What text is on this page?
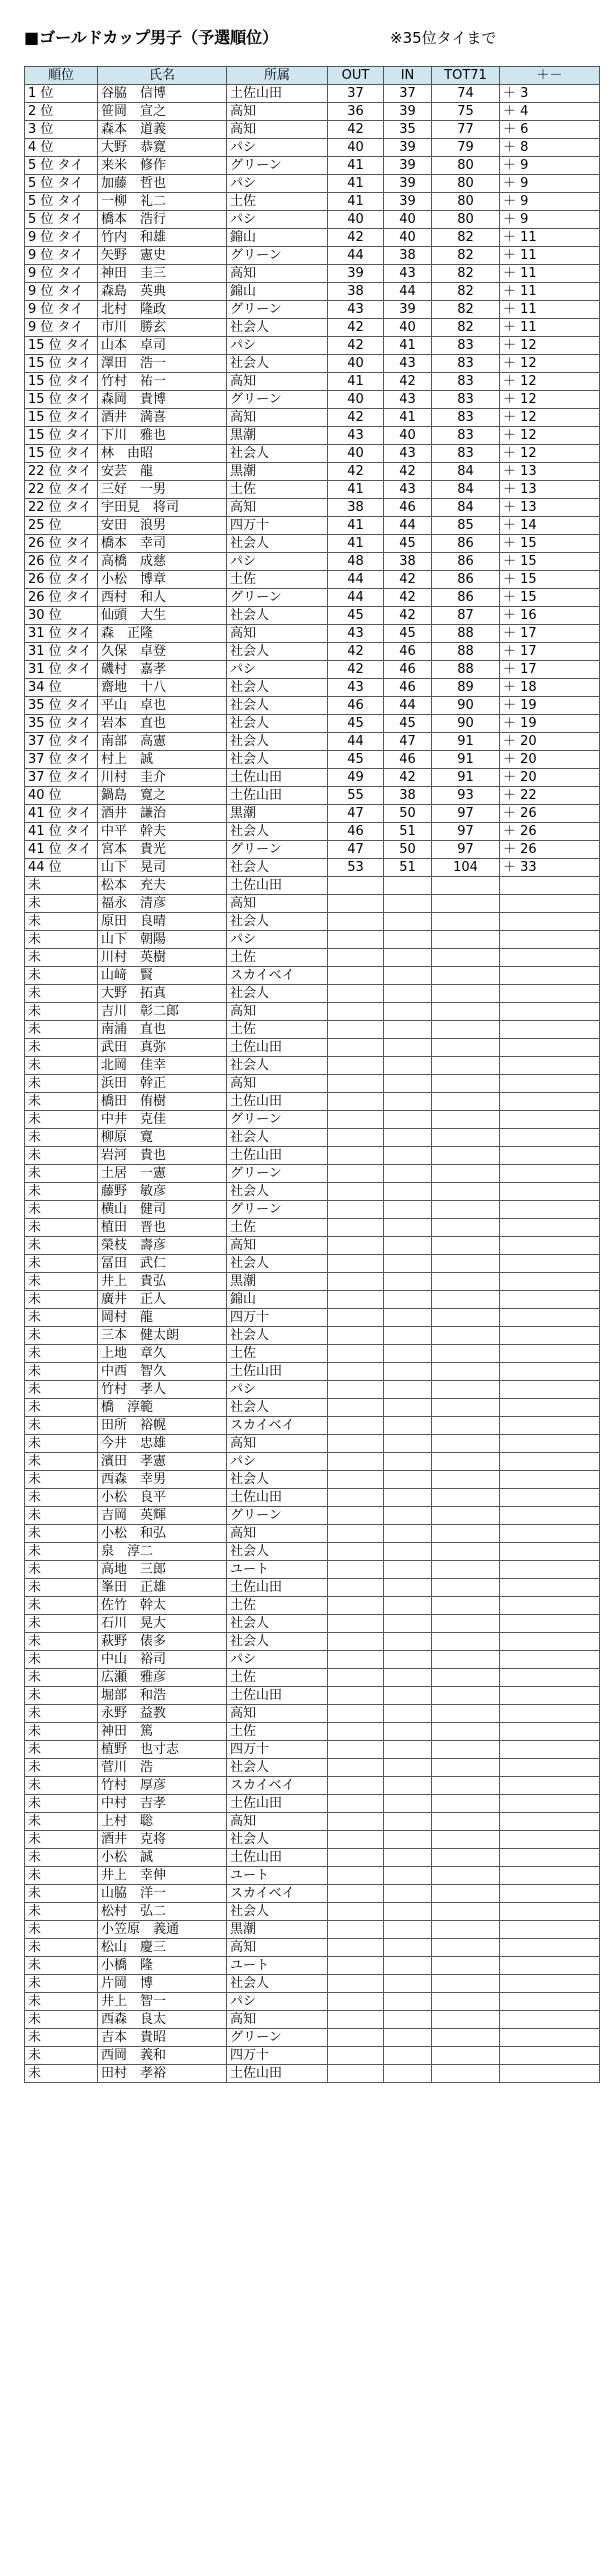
■ゴールドカップ男子（予選順位）	※35位タイまで
順位	氏名	所属	OUT	IN	TOT71	＋－
1 位	谷脇　信博	土佐山田	37	37	74	＋ 3
2 位	笹岡　宣之	高知	36	39	75	＋ 4
3 位	森本　道義	高知	42	35	77	＋ 6
4 位	大野　恭寛	パシ	40	39	79	＋ 8
5 位 タイ	来米　修作	グリーン	41	39	80	＋ 9
5 位 タイ	加藤　哲也	パシ	41	39	80	＋ 9
5 位 タイ	一柳　礼二	土佐	41	39	80	＋ 9
5 位 タイ	橋本　浩行	パシ	40	40	80	＋ 9
9 位 タイ	竹内　和雄	錦山	42	40	82	＋ 11
9 位 タイ	矢野　憲史	グリーン	44	38	82	＋ 11
9 位 タイ	神田　圭三	高知	39	43	82	＋ 11
9 位 タイ	森島　英典	錦山	38	44	82	＋ 11
9 位 タイ	北村　隆政	グリーン	43	39	82	＋ 11
9 位 タイ	市川　勝玄	社会人	42	40	82	＋ 11
15 位 タイ	山本　卓司	パシ	42	41	83	＋ 12
15 位 タイ	澤田　浩一	社会人	40	43	83	＋ 12
15 位 タイ	竹村　祐一	高知	41	42	83	＋ 12
15 位 タイ	森岡　貴博	グリーン	40	43	83	＋ 12
15 位 タイ	酒井　満喜	高知	42	41	83	＋ 12
15 位 タイ	下川　雅也	黒潮	43	40	83	＋ 12
15 位 タイ	林　由昭	社会人	40	43	83	＋ 12
22 位 タイ	安芸　龍	黒潮	42	42	84	＋ 13
22 位 タイ	三好　一男	土佐	41	43	84	＋ 13
22 位 タイ	宇田見　将司	高知	38	46	84	＋ 13
25 位	安田　浪男	四万十	41	44	85	＋ 14
26 位 タイ	橋本　幸司	社会人	41	45	86	＋ 15
26 位 タイ	高橋　成慈	パシ	48	38	86	＋ 15
26 位 タイ	小松　博章	土佐	44	42	86	＋ 15
26 位 タイ	西村　和人	グリーン	44	42	86	＋ 15
30 位	仙頭　大生	社会人	45	42	87	＋ 16
31 位 タイ	森　正隆	高知	43	45	88	＋ 17
31 位 タイ	久保　卓登	社会人	42	46	88	＋ 17
31 位 タイ	磯村　嘉孝	パシ	42	46	88	＋ 17
34 位	齋地　十八	社会人	43	46	89	＋ 18
35 位 タイ	平山　卓也	社会人	46	44	90	＋ 19
35 位 タイ	岩本　直也	社会人	45	45	90	＋ 19
37 位 タイ	南部　高憲	社会人	44	47	91	＋ 20
37 位 タイ	村上　誠	社会人	45	46	91	＋ 20
37 位 タイ	川村　圭介	土佐山田	49	42	91	＋ 20
40 位	鍋島　寛之	土佐山田	55	38	93	＋ 22
41 位 タイ	酒井　謙治	黒潮	47	50	97	＋ 26
41 位 タイ	中平　幹夫	社会人	46	51	97	＋ 26
41 位 タイ	宮本　貴光	グリーン	47	50	97	＋ 26
44 位	山下　晃司	社会人	53	51	104	＋ 33
未	松本　充夫	土佐山田				
未	福永　清彦	高知				
未	原田　良晴	社会人				
未	山下　朝陽	パシ				
未	川村　英樹	土佐				
未	山﨑　賢	スカイベイ				
未	大野　拓真	社会人				
未	吉川　彰二郎	高知				
未	南浦　直也	土佐				
未	武田　真弥	土佐山田				
未	北岡　佳幸	社会人				
未	浜田　幹正	高知				
未	橋田　侑樹	土佐山田				
未	中井　克佳	グリーン				
未	柳原　寛	社会人				
未	岩河　貴也	土佐山田				
未	土居　一憲	グリーン				
未	藤野　敏彦	社会人				
未	横山　健司	グリーン				
未	植田　晋也	土佐				
未	榮枝　壽彦	高知				
未	冨田　武仁	社会人				
未	井上　貴弘	黒潮				
未	廣井　正人	錦山				
未	岡村　龍	四万十				
未	三本　健太朗	社会人				
未	上地　章久	土佐				
未	中西　智久	土佐山田				
未	竹村　孝人	パシ				
未	橋　淳範	社会人				
未	田所　裕幌	スカイベイ				
未	今井　忠雄	高知				
未	濱田　孝憲	パシ				
未	西森　幸男	社会人				
未	小松　良平	土佐山田				
未	吉岡　英輝	グリーン				
未	小松　和弘	高知				
未	泉　淳二	社会人				
未	高地　三郎	ユート				
未	峯田　正雄	土佐山田				
未	佐竹　幹太	土佐				
未	石川　晃大	社会人				
未	萩野　俵多	社会人				
未	中山　裕司	パシ				
未	広瀬　雅彦	土佐				
未	堀部　和浩	土佐山田				
未	永野　益教	高知				
未	神田　篤	土佐				
未	植野　也寸志	四万十				
未	菅川　浩	社会人				
未	竹村　厚彦	スカイベイ				
未	中村　吉孝	土佐山田				
未	上村　聡	高知				
未	酒井　克将	社会人				
未	小松　誠	土佐山田				
未	井上　幸伸	ユート				
未	山脇　洋一	スカイベイ				
未	松村　弘二	社会人				
未	小笠原　義通	黒潮				
未	松山　慶三	高知				
未	小橋　隆	ユート				
未	片岡　博	社会人				
未	井上　智一	パシ				
未	西森　良太	高知				
未	吉本　貴昭	グリーン				
未	西岡　義和	四万十				
未	田村　孝裕	土佐山田				
